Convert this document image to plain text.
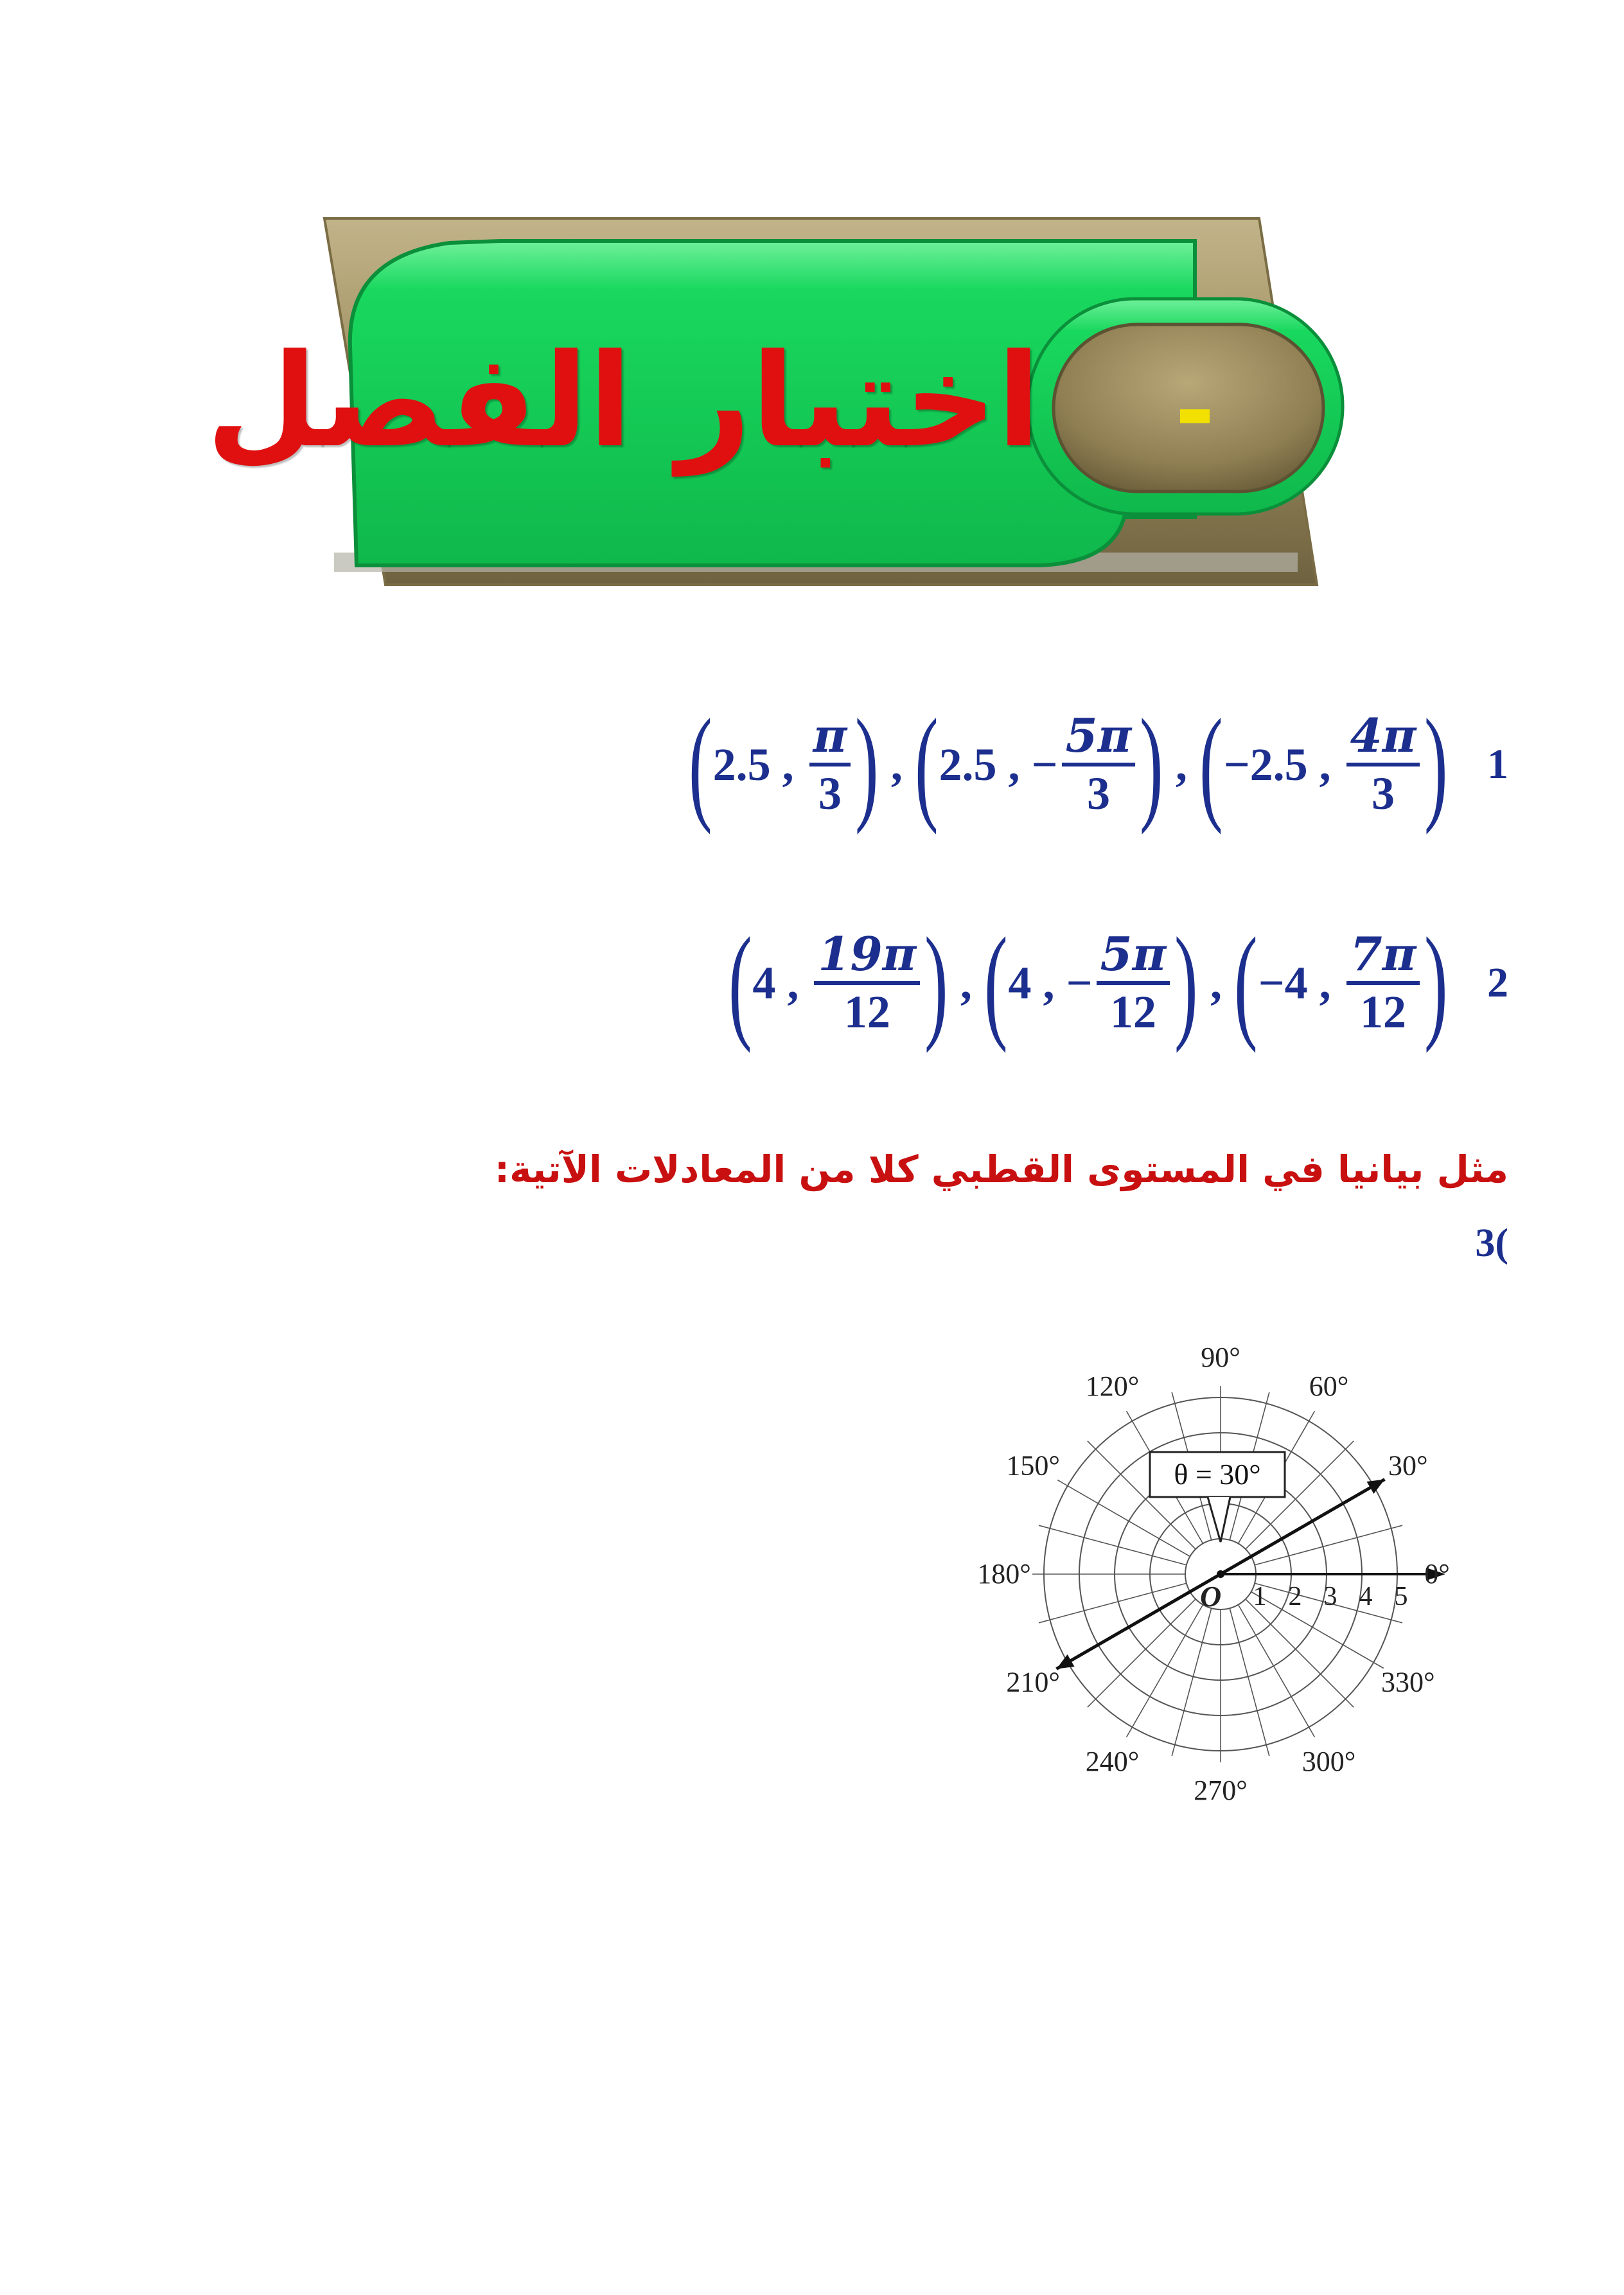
اختبار الفصل -
1
( −2.5 , $\frac{4\pi}{3}$ )
,
( 2.5 , − $\frac{5\pi}{3}$ )
,
( 2.5 , $\frac{\pi}{3}$ )
2
( −4 , $\frac{7\pi}{12}$ )
,
( 4 , − $\frac{5\pi}{12}$ )
,
( 4 , $\frac{19\pi}{12}$ )
مثل بيانيا في المستوى القطبي كلا من المعادلات الآتية:
3(
0°
30°
60°
90°
120°
150°
180°
210°
240°
270°
300°
330°
1 2 3 4 5
O
θ = 30°
